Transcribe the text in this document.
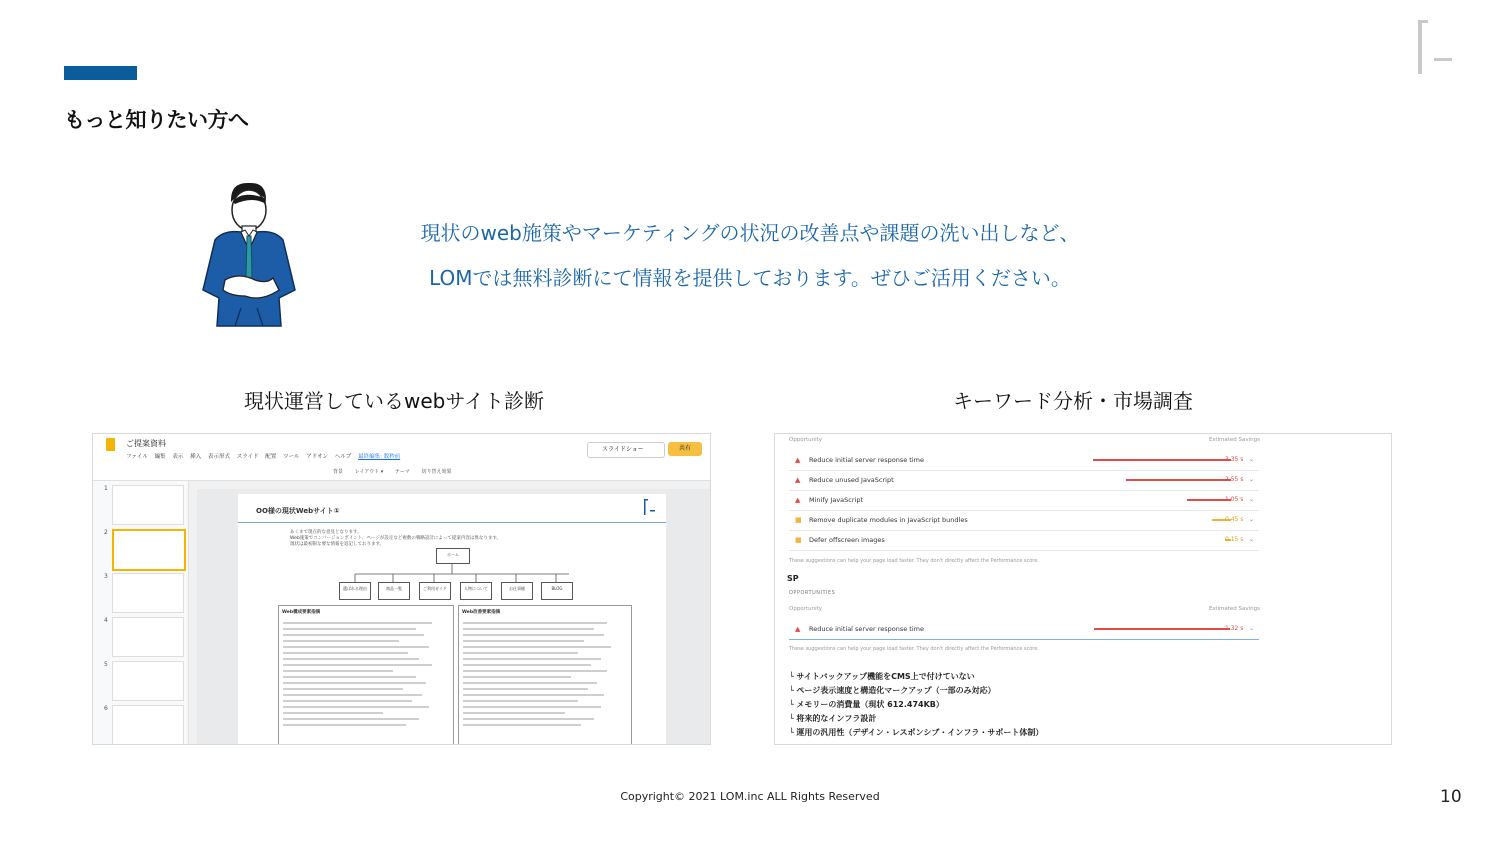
もっと知りたい方へ
現状のweb施策やマーケティングの状況の改善点や課題の洗い出しなど、
LOMでは無料診断にて情報を提供しております。ぜひご活用ください。
現状運営しているwebサイト診断	キーワード分析・市場調査
ご提案資料
ファイル 編集 表示 挿入 表示形式 スライド 配置 ツール アドオン ヘルプ 最終編集: 数秒前
スライドショー	共有
背景 レイアウト ▾ テーマ 切り替え効果
1
2
3
4
5
6
OO様の現状Webサイト①
あくまで現在的な意見となります。
Web施策でコンバージョンポイント、ページが設定など複数の戦略設計によって提案内容は異なります。
現状は最初限な要な情報を追記しております。
ホーム
選ばれる理由	商品一覧	ご利用ガイド	人物について	お仕事帳	BLOG
Web構成要素指摘	Web改善要素指摘
Opportunity	Estimated Savings
▲ Reduce initial server response time	3.35 s ⌄
▲ Reduce unused JavaScript	2.55 s ⌄
▲ Minify JavaScript	1.05 s ⌄
■ Remove duplicate modules in JavaScript bundles	0.45 s ⌄
■ Defer offscreen images	0.15 s ⌄
These suggestions can help your page load faster. They don't directly affect the Performance score.
SP
OPPORTUNITIES
Opportunity	Estimated Savings
▲ Reduce initial server response time	1.32 s ⌄
These suggestions can help your page load faster. They don't directly affect the Performance score.
└ サイトバックアップ機能をCMS上で付けていない
└ ページ表示速度と構造化マークアップ（一部のみ対応）
└ メモリーの消費量（現状 612.474KB）
└ 将来的なインフラ設計
└ 運用の汎用性（デザイン・レスポンシブ・インフラ・サポート体制）
Copyright© 2021 LOM.inc ALL Rights Reserved	10
